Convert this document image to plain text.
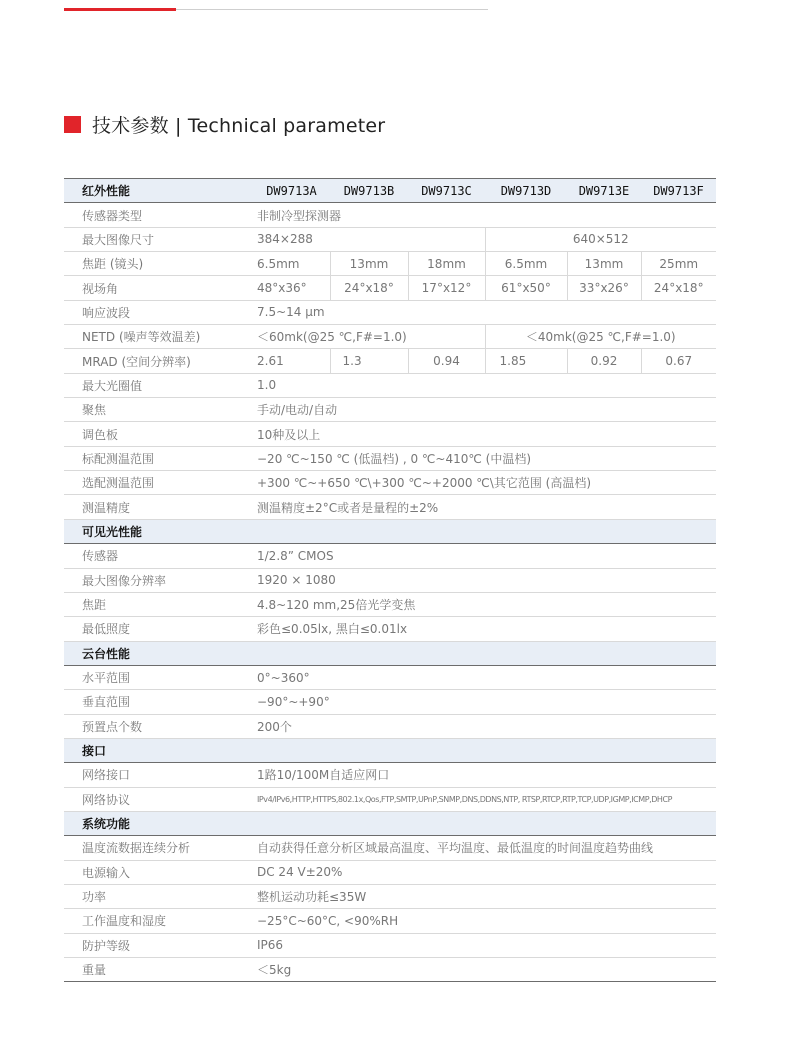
技术参数 | Technical parameter
红外性能	DW9713A	DW9713B	DW9713C	DW9713D	DW9713E	DW9713F
传感器类型	非制冷型探测器					
最大图像尺寸	384×288			640×512		
焦距 (镜头)	6.5mm	13mm	18mm	6.5mm	13mm	25mm
视场角	48°x36°	24°x18°	17°x12°	61°x50°	33°x26°	24°x18°
响应波段	7.5~14 μm					
NETD (噪声等效温差)	＜60mk(@25 ℃,F#=1.0)			＜40mk(@25 ℃,F#=1.0)		
MRAD (空间分辨率)	2.61	1.3	0.94	1.85	0.92	0.67
最大光圈值	1.0					
聚焦	手动/电动/自动					
调色板	10种及以上					
标配测温范围	−20 ℃~150 ℃ (低温档) , 0 ℃~410℃ (中温档)					
选配测温范围	+300 ℃~+650 ℃\+300 ℃~+2000 ℃\其它范围 (高温档)					
测温精度	测温精度±2°C或者是量程的±2%					
可见光性能						
传感器	1/2.8” CMOS					
最大图像分辨率	1920 × 1080					
焦距	4.8~120 mm,25倍光学变焦					
最低照度	彩色≤0.05lx, 黑白≤0.01lx					
云台性能						
水平范围	0°~360°					
垂直范围	−90°~+90°					
预置点个数	200个					
接口						
网络接口	1路10/100M自适应网口					
网络协议	IPv4/IPv6,HTTP,HTTPS,802.1x,Qos,FTP,SMTP,UPnP,SNMP,DNS,DDNS,NTP, RTSP,RTCP,RTP,TCP,UDP,IGMP,ICMP,DHCP					
系统功能						
温度流数据连续分析	自动获得任意分析区域最高温度、平均温度、最低温度的时间温度趋势曲线					
电源输入	DC 24 V±20%					
功率	整机运动功耗≤35W					
工作温度和湿度	−25°C~60°C, <90%RH					
防护等级	IP66					
重量	＜5kg					
